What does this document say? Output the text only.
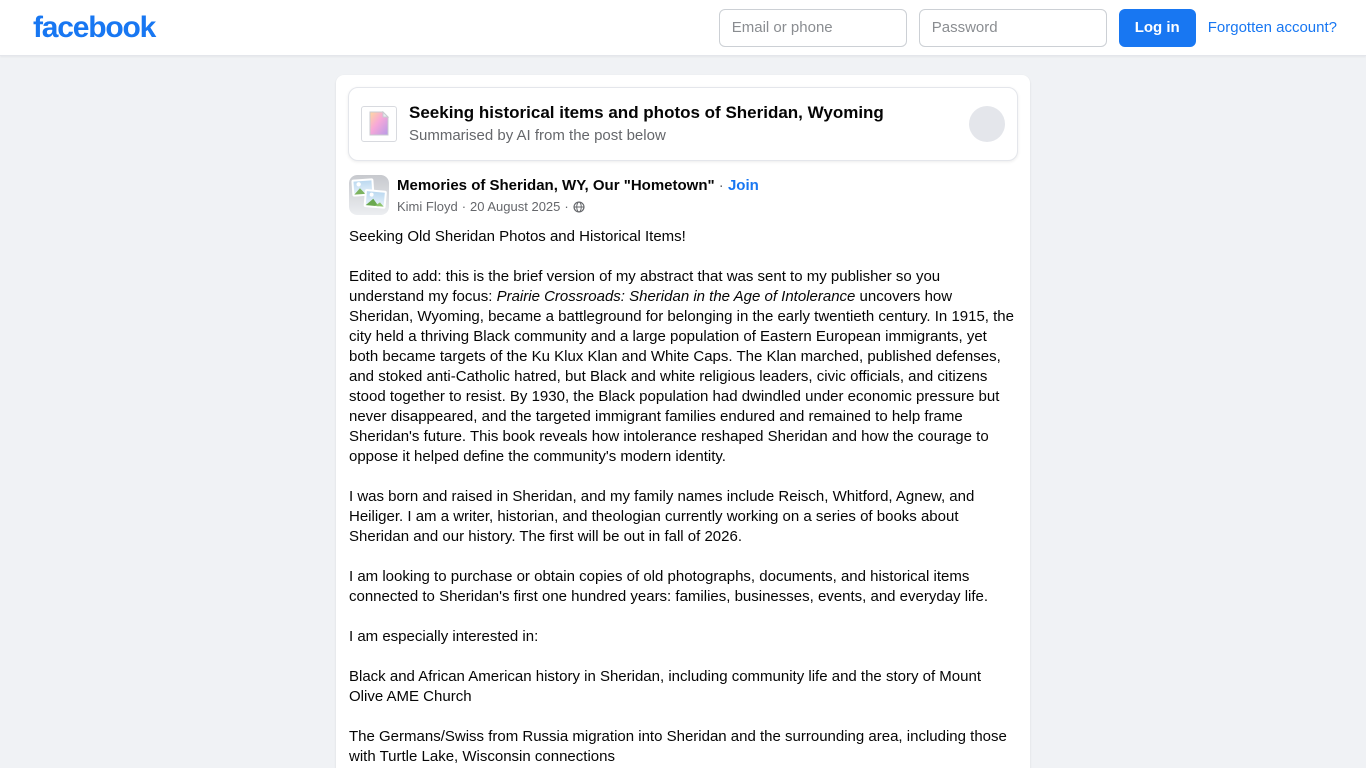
facebook
Email or phone	Log in	Forgotten account?
Seeking historical items and photos of Sheridan, Wyoming
Summarised by AI from the post below
Memories of Sheridan, WY, Our "Hometown" · Join
Kimi Floyd · 20 August 2025 ·

Seeking Old Sheridan Photos and Historical Items!

Edited to add: this is the brief version of my abstract that was sent to my publisher so you understand my focus: Prairie Crossroads: Sheridan in the Age of Intolerance uncovers how Sheridan, Wyoming, became a battleground for belonging in the early twentieth century. In 1915, the city held a thriving Black community and a large population of Eastern European immigrants, yet both became targets of the Ku Klux Klan and White Caps. The Klan marched, published defenses, and stoked anti-Catholic hatred, but Black and white religious leaders, civic officials, and citizens stood together to resist. By 1930, the Black population had dwindled under economic pressure but never disappeared, and the targeted immigrant families endured and remained to help frame Sheridan's future. This book reveals how intolerance reshaped Sheridan and how the courage to oppose it helped define the community's modern identity.

I was born and raised in Sheridan, and my family names include Reisch, Whitford, Agnew, and Heiliger. I am a writer, historian, and theologian currently working on a series of books about Sheridan and our history. The first will be out in fall of 2026.

I am looking to purchase or obtain copies of old photographs, documents, and historical items connected to Sheridan's first one hundred years: families, businesses, events, and everyday life.

I am especially interested in:

Black and African American history in Sheridan, including community life and the story of Mount Olive AME Church

The Germans/Swiss from Russia migration into Sheridan and the surrounding area, including those with Turtle Lake, Wisconsin connections
